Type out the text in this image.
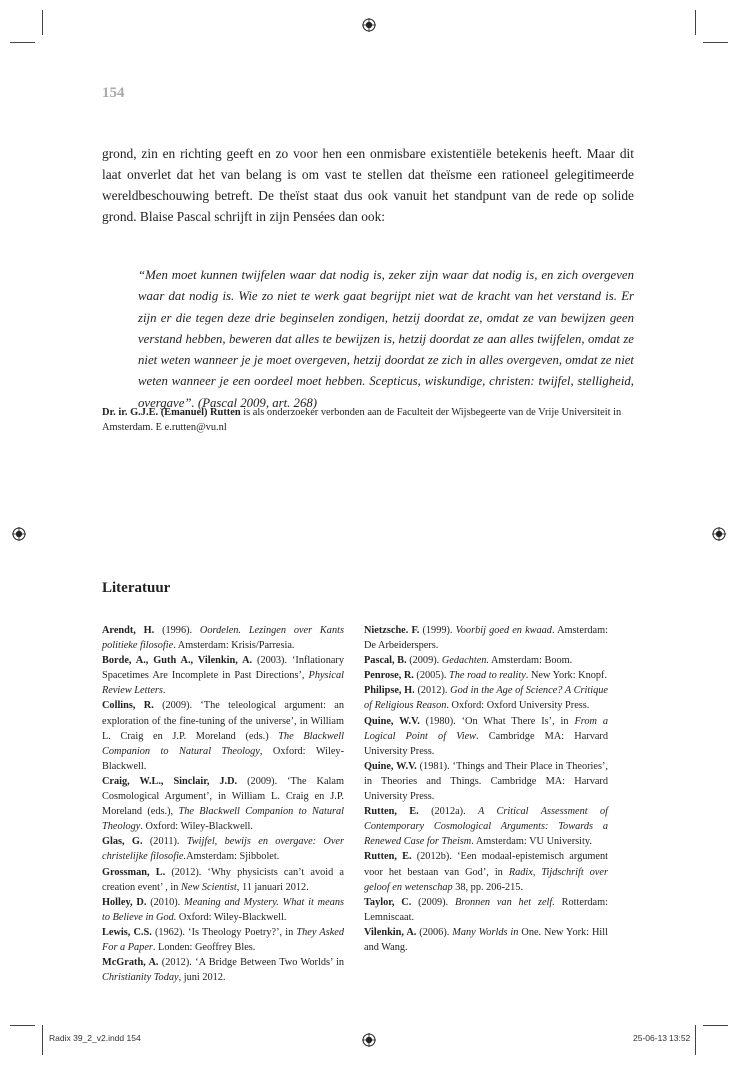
154

grond, zin en richting geeft en zo voor hen een onmisbare existentiële betekenis heeft. Maar dit laat onverlet dat het van belang is om vast te stellen dat theïsme een rationeel gelegitimeerde wereldbeschouwing betreft. De theïst staat dus ook vanuit het standpunt van de rede op solide grond. Blaise Pascal schrijft in zijn Pensées dan ook:

“Men moet kunnen twijfelen waar dat nodig is, zeker zijn waar dat nodig is, en zich overgeven waar dat nodig is. Wie zo niet te werk gaat begrijpt niet wat de kracht van het verstand is. Er zijn er die tegen deze drie beginselen zondigen, hetzij doordat ze, omdat ze van bewijzen geen verstand hebben, beweren dat alles te bewijzen is, hetzij doordat ze aan alles twijfelen, omdat ze niet weten wanneer je je moet overgeven, hetzij doordat ze zich in alles overgeven, omdat ze niet weten wanneer je een oordeel moet hebben. Scepticus, wiskundige, christen: twijfel, stelligheid, overgave”. (Pascal 2009, art. 268)

Dr. ir. G.J.E. (Emanuel) Rutten is als onderzoeker verbonden aan de Faculteit der Wijsbegeerte van de Vrije Universiteit in Amsterdam. E e.rutten@vu.nl

Literatuur

Arendt, H. (1996). Oordelen. Lezingen over Kants politieke filosofie. Amsterdam: Krisis/Parresia.

Borde, A., Guth A., Vilenkin, A. (2003). ‘Inflationary Spacetimes Are Incomplete in Past Directions’, Physical Review Letters.

Collins, R. (2009). ‘The teleological argument: an exploration of the fine-tuning of the universe’, in William L. Craig en J.P. Moreland (eds.) The Blackwell Companion to Natural Theology, Oxford: Wiley-Blackwell.

Craig, W.L., Sinclair, J.D. (2009). ‘The Kalam Cosmological Argument’, in William L. Craig en J.P. Moreland (eds.), The Blackwell Companion to Natural Theology. Oxford: Wiley-Blackwell.

Glas, G. (2011). Twijfel, bewijs en overgave: Over christelijke filosofie.Amsterdam: Sjibbolet.

Grossman, L. (2012). ‘Why physicists can’t avoid a creation event’ , in New Scientist, 11 januari 2012.

Holley, D. (2010). Meaning and Mystery. What it means to Believe in God. Oxford: Wiley-Blackwell.

Lewis, C.S. (1962). ‘Is Theology Poetry?’, in They Asked For a Paper. Londen: Geoffrey Bles.

McGrath, A. (2012). ‘A Bridge Between Two Worlds’ in Christianity Today, juni 2012.

Nietzsche. F. (1999). Voorbij goed en kwaad. Amsterdam: De Arbeiderspers.

Pascal, B. (2009). Gedachten. Amsterdam: Boom.

Penrose, R. (2005). The road to reality. New York: Knopf.

Philipse, H. (2012). God in the Age of Science? A Critique of Religious Reason. Oxford: Oxford University Press.

Quine, W.V. (1980). ‘On What There Is’, in From a Logical Point of View. Cambridge MA: Harvard University Press.

Quine, W.V. (1981). ‘Things and Their Place in Theories’, in Theories and Things. Cambridge MA: Harvard University Press.

Rutten, E. (2012a). A Critical Assessment of Contemporary Cosmological Arguments: Towards a Renewed Case for Theism. Amsterdam: VU University.

Rutten, E. (2012b). ‘Een modaal-epistemisch argument voor het bestaan van God’, in Radix, Tijdschrift over geloof en wetenschap 38, pp. 206-215.

Taylor, C. (2009). Bronnen van het zelf. Rotterdam: Lemniscaat.

Vilenkin, A. (2006). Many Worlds in One. New York: Hill and Wang.

Radix 39_2_v2.indd 154	25-06-13 13:52
